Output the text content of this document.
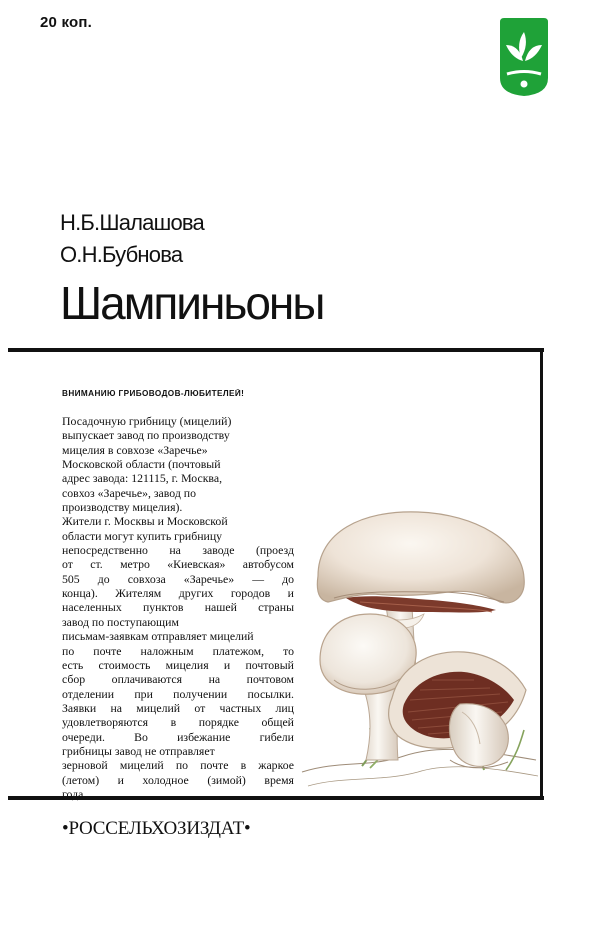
20 коп.
Н.Б.Шалашова
О.Н.Бубнова
Шампиньоны
ВНИМАНИЮ ГРИБОВОДОВ-ЛЮБИТЕЛЕЙ!
Посадочную грибницу (мицелий)
выпускает завод по производству
мицелия в совхозе «Заречье»
Московской области (почтовый
адрес завода: 121115, г. Москва,
совхоз «Заречье», завод по
производству мицелия).
Жители г. Москвы и Московской
области могут купить грибницу
непосредственно на заводе (проезд
от ст. метро «Киевская» автобусом
505 до совхоза «Заречье» — до
конца). Жителям других городов и
населенных пунктов нашей страны
завод по поступающим
письмам-заявкам отправляет мицелий
по почте наложным платежом, то
есть стоимость мицелия и почтовый
сбор оплачиваются на почтовом
отделении при получении посылки.
Заявки на мицелий от частных лиц
удовлетворяются в порядке общей
очереди. Во избежание гибели
грибницы завод не отправляет
зерновой мицелий по почте в жаркое
(летом) и холодное (зимой) время
года.
•РОССЕЛЬХОЗИЗДАТ•
